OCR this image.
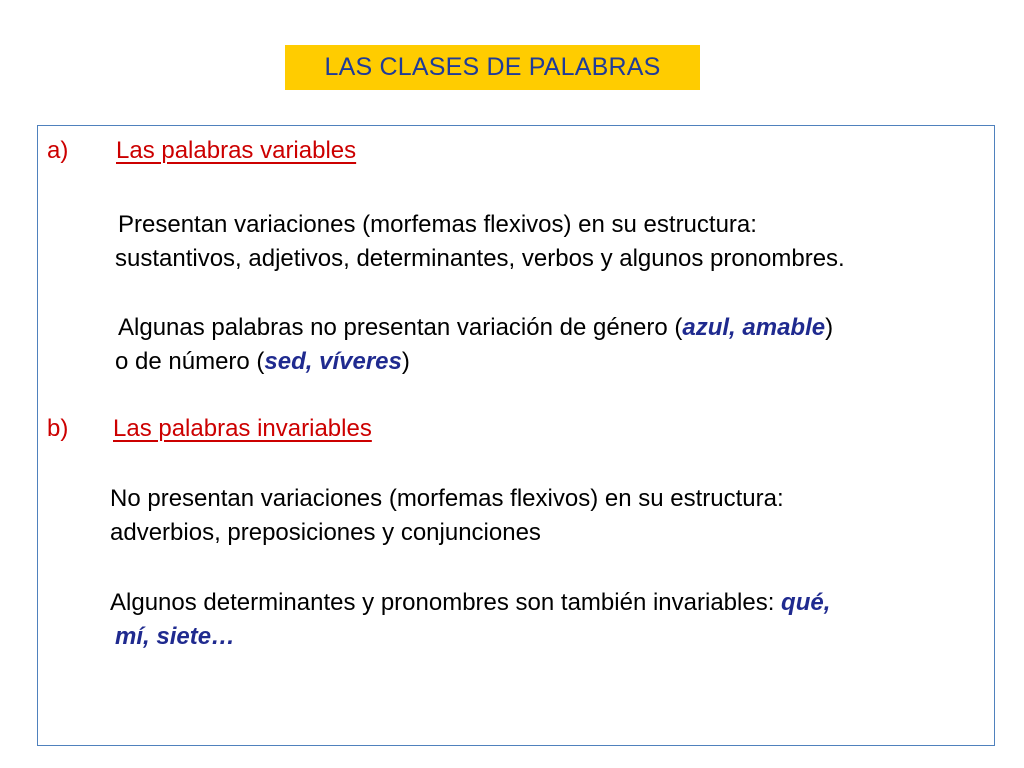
LAS CLASES DE PALABRAS
a) Las palabras variables
Presentan variaciones (morfemas flexivos) en su estructura:
sustantivos, adjetivos, determinantes, verbos y algunos pronombres.
Algunas palabras no presentan variación de género (azul, amable)
o de número (sed, víveres)
b) Las palabras invariables
No presentan variaciones (morfemas flexivos) en su estructura:
adverbios, preposiciones y conjunciones
Algunos determinantes y pronombres son también invariables: qué,
mí, siete…
